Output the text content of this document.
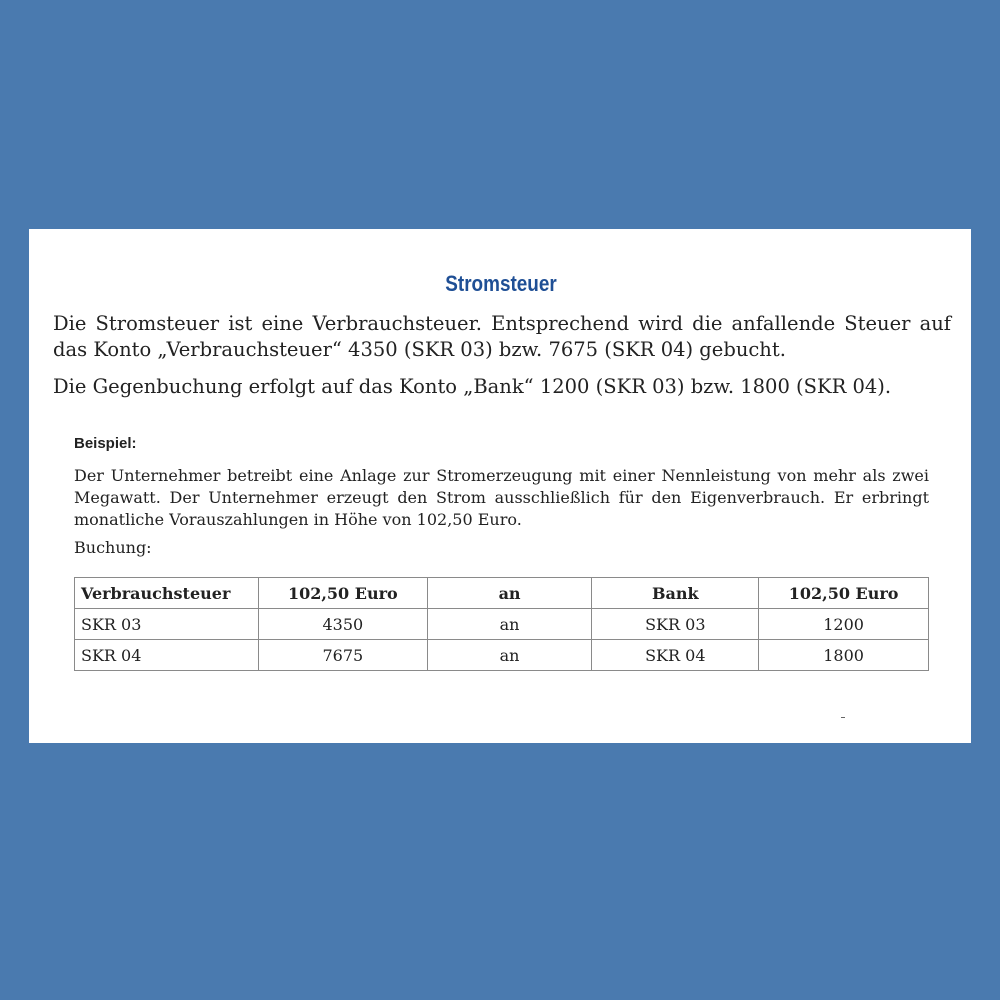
Stromsteuer

Die Stromsteuer ist eine Verbrauchsteuer. Entsprechend wird die anfallende Steuer auf das Konto „Verbrauchsteuer“ 4350 (SKR 03) bzw. 7675 (SKR 04) gebucht.

Die Gegenbuchung erfolgt auf das Konto „Bank“ 1200 (SKR 03) bzw. 1800 (SKR 04).

Beispiel:

Der Unternehmer betreibt eine Anlage zur Stromerzeugung mit einer Nennleistung von mehr als zwei Megawatt. Der Unternehmer erzeugt den Strom ausschließlich für den Eigenverbrauch. Er erbringt monatliche Vorauszahlungen in Höhe von 102,50 Euro.

Buchung:
Verbrauchsteuer	102,50 Euro	an	Bank	102,50 Euro
SKR 03	4350	an	SKR 03	1200
SKR 04	7675	an	SKR 04	1800
